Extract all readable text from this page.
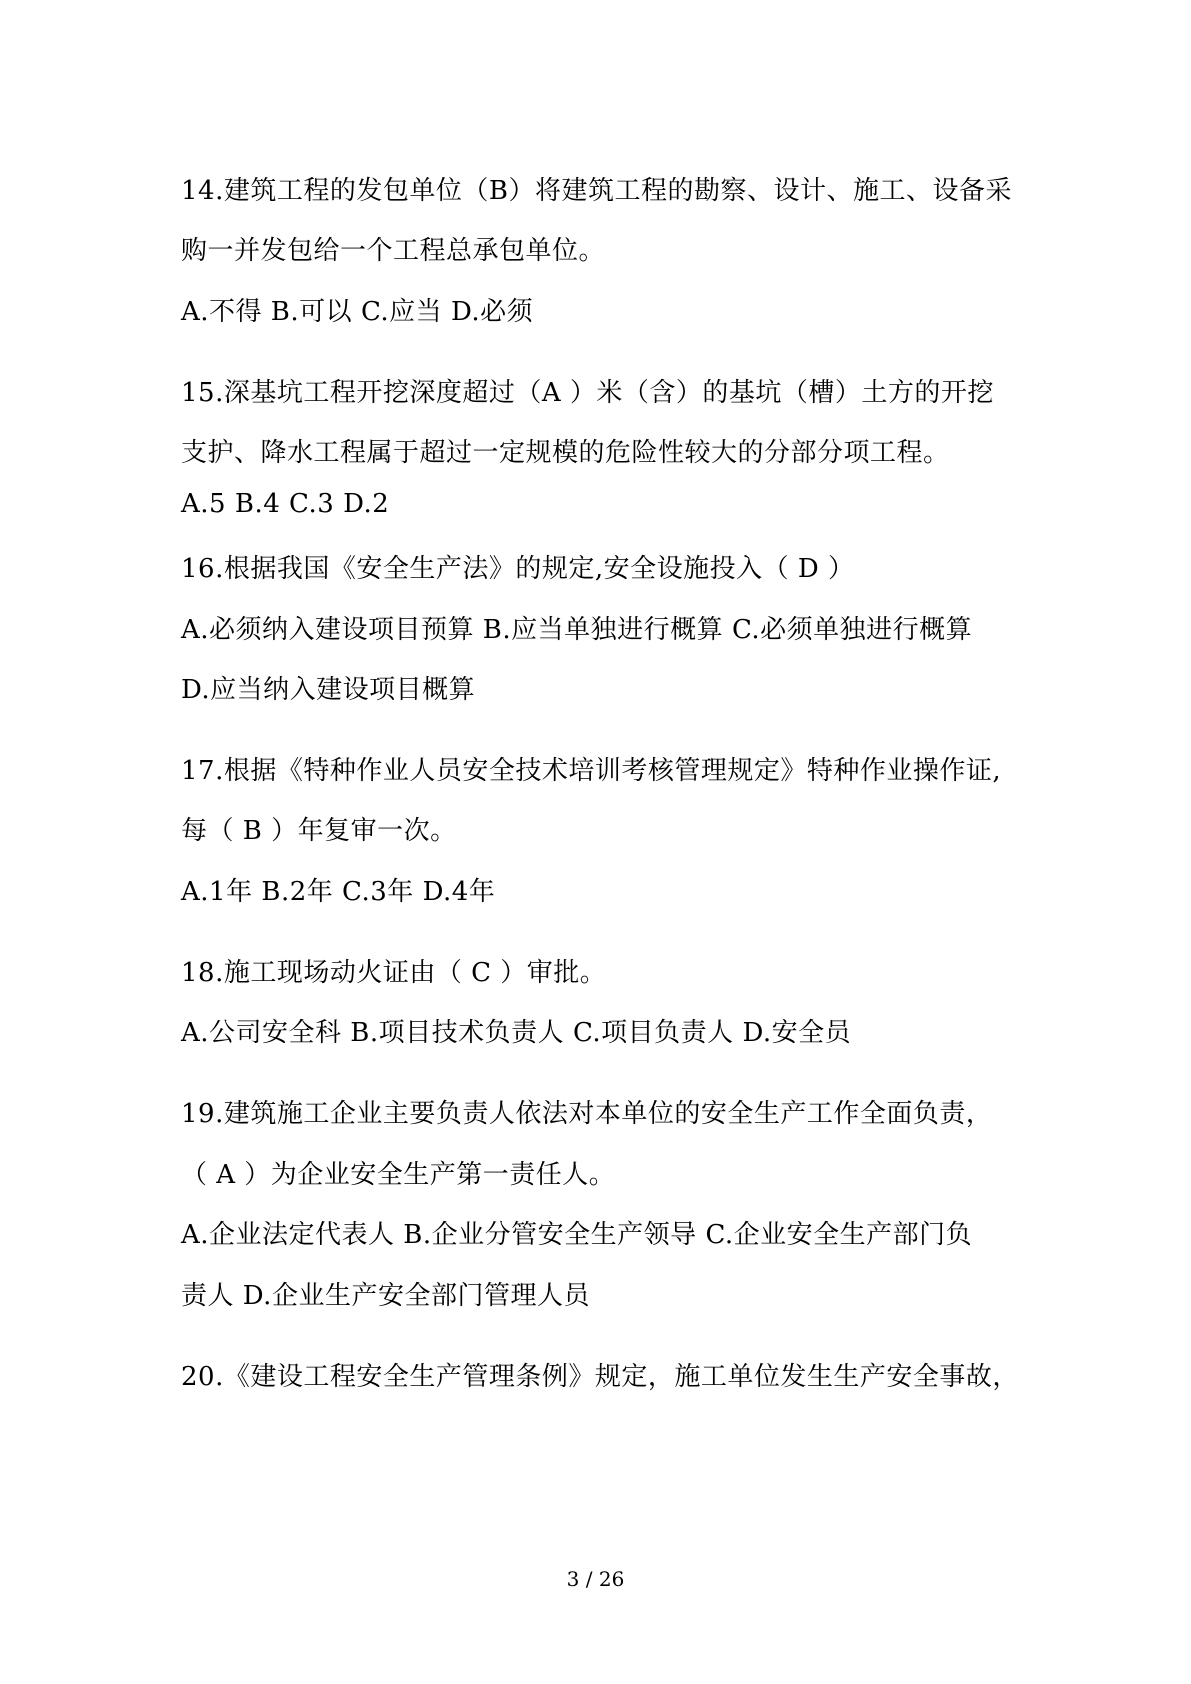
14.建筑工程的发包单位（B）将建筑工程的勘察、设计、施工、设备采
购一并发包给一个工程总承包单位。
A.不得 B.可以 C.应当 D.必须
15.深基坑工程开挖深度超过（A ）米（含）的基坑（槽）土方的开挖
支护、降水工程属于超过一定规模的危险性较大的分部分项工程。
A.5 B.4 C.3 D.2
16.根据我国《安全生产法》的规定,安全设施投入（ D ）
A.必须纳入建设项目预算 B.应当单独进行概算 C.必须单独进行概算
D.应当纳入建设项目概算
17.根据《特种作业人员安全技术培训考核管理规定》特种作业操作证,
每（ B ）年复审一次。
A.1年 B.2年 C.3年 D.4年
18.施工现场动火证由（ C ）审批。
A.公司安全科 B.项目技术负责人 C.项目负责人 D.安全员
19.建筑施工企业主要负责人依法对本单位的安全生产工作全面负责，
（ A ）为企业安全生产第一责任人。
A.企业法定代表人 B.企业分管安全生产领导 C.企业安全生产部门负
责人 D.企业生产安全部门管理人员
20.《建设工程安全生产管理条例》规定，施工单位发生生产安全事故，
3 / 26
